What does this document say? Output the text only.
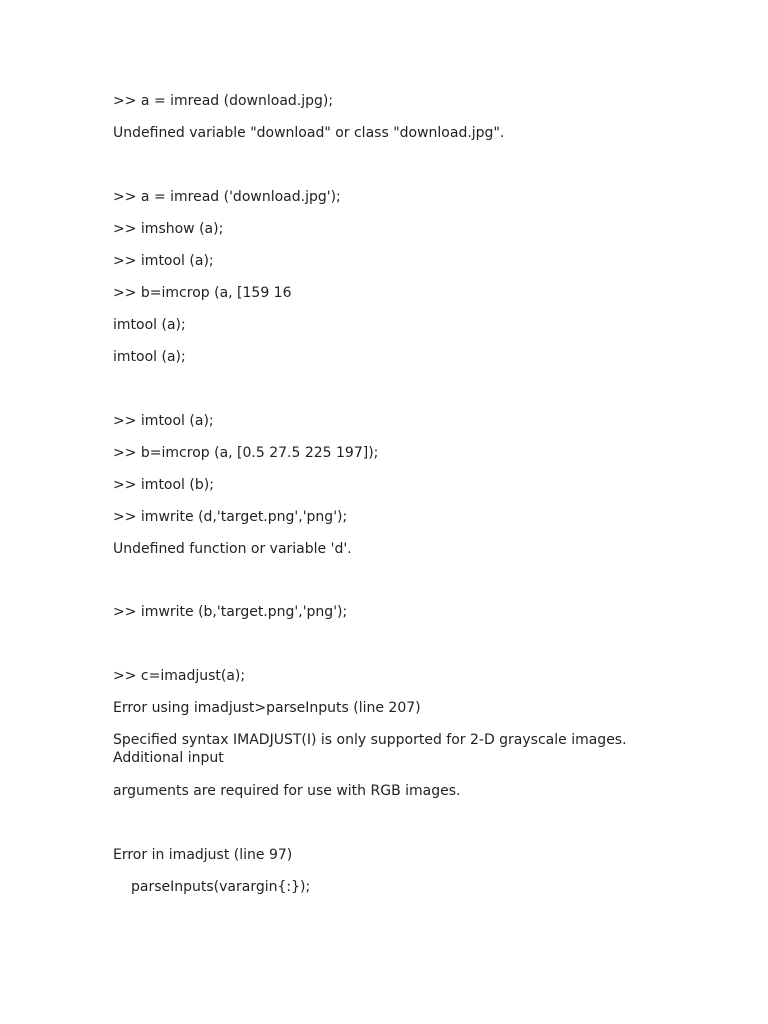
>> a = imread (download.jpg);
Undefined variable "download" or class "download.jpg".
>> a = imread ('download.jpg');
>> imshow (a);
>> imtool (a);
>> b=imcrop (a, [159 16
imtool (a);
imtool (a);
>> imtool (a);
>> b=imcrop (a, [0.5 27.5 225 197]);
>> imtool (b);
>> imwrite (d,'target.png','png');
Undefined function or variable 'd'.
>> imwrite (b,'target.png','png');
>> c=imadjust(a);
Error using imadjust>parseInputs (line 207)
Specified syntax IMADJUST(I) is only supported for 2-D grayscale images.
Additional input
arguments are required for use with RGB images.
Error in imadjust (line 97)
parseInputs(varargin{:});
